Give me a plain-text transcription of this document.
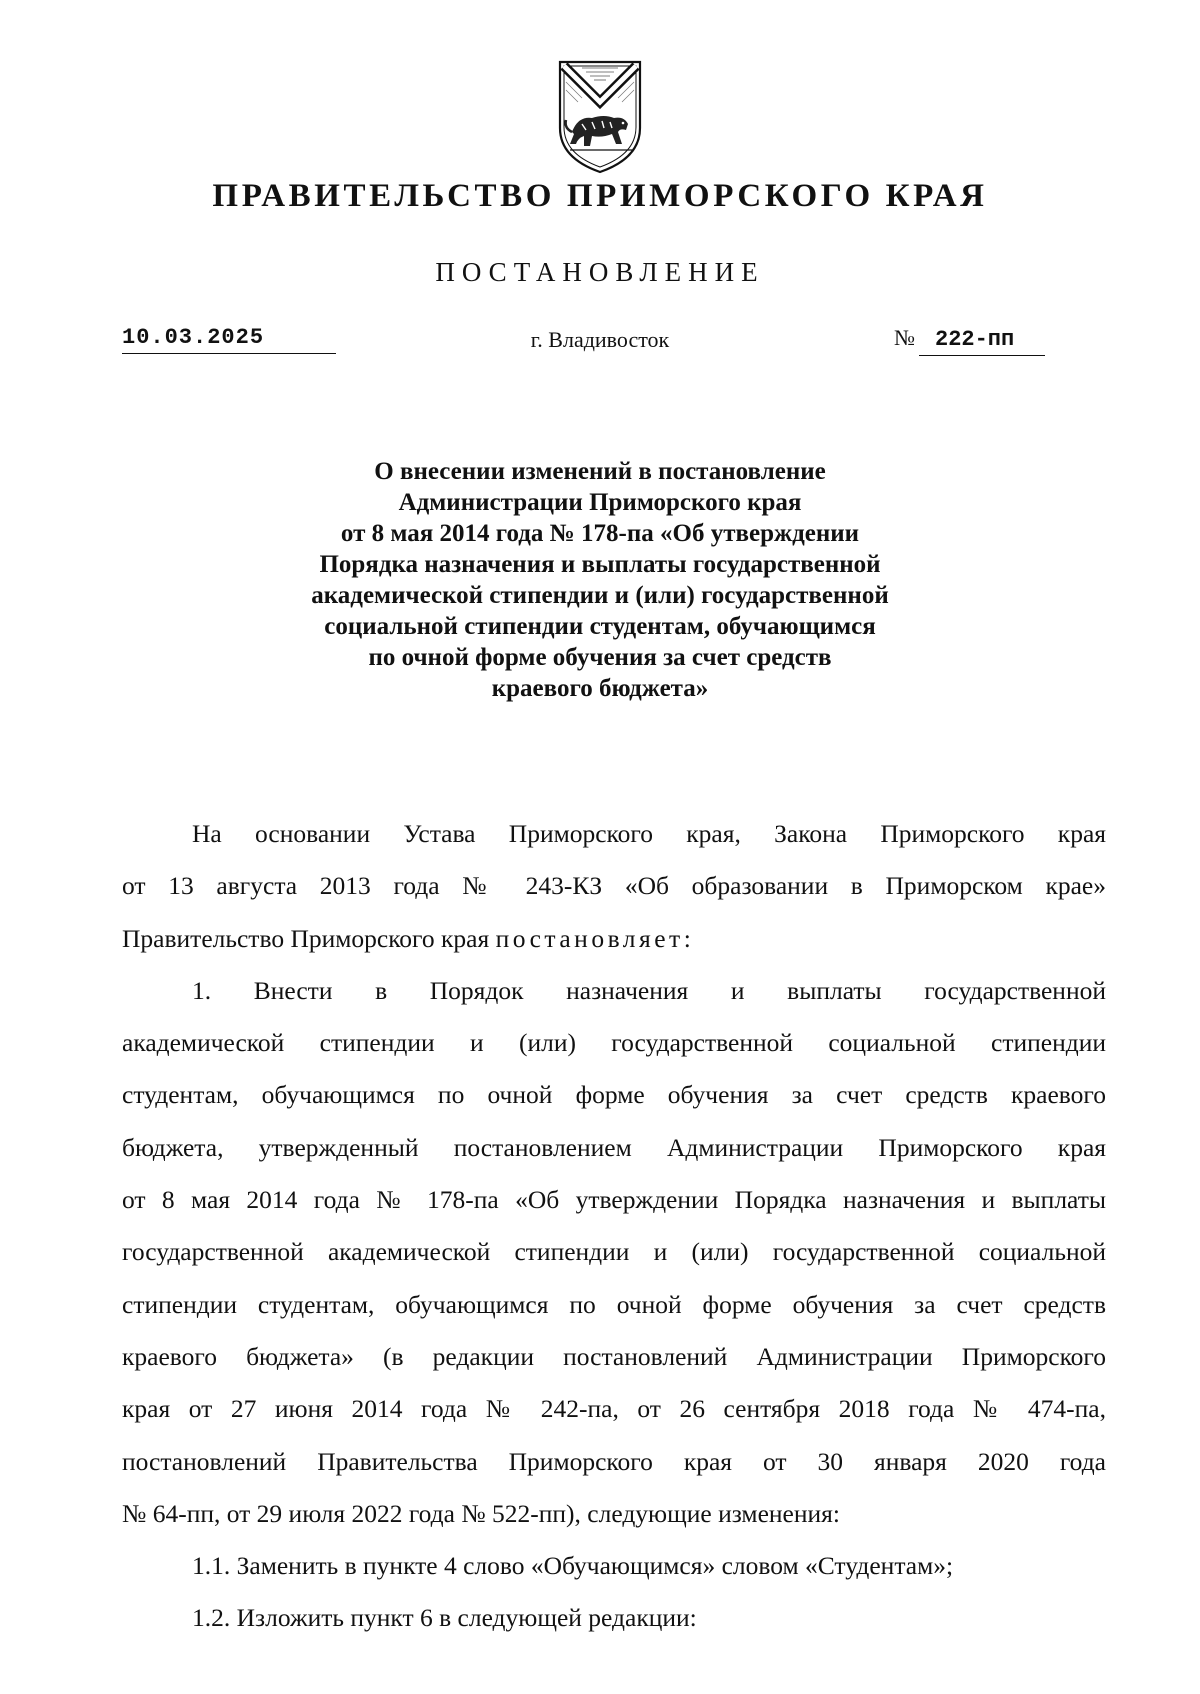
ПРАВИТЕЛЬСТВО ПРИМОРСКОГО КРАЯ
ПОСТАНОВЛЕНИЕ
10.03.2025	г. Владивосток	№ 222-пп
О внесении изменений в постановление
Администрации Приморского края
от 8 мая 2014 года № 178-па «Об утверждении
Порядка назначения и выплаты государственной
академической стипендии и (или) государственной
социальной стипендии студентам, обучающимся
по очной форме обучения за счет средств
краевого бюджета»
На основании Устава Приморского края, Закона Приморского края
от 13 августа 2013 года № 243-КЗ «Об образовании в Приморском крае»
Правительство Приморского края постановляет:
1. Внести в Порядок назначения и выплаты государственной
академической стипендии и (или) государственной социальной стипендии
студентам, обучающимся по очной форме обучения за счет средств краевого
бюджета, утвержденный постановлением Администрации Приморского края
от 8 мая 2014 года № 178-па «Об утверждении Порядка назначения и выплаты
государственной академической стипендии и (или) государственной социальной
стипендии студентам, обучающимся по очной форме обучения за счет средств
краевого бюджета» (в редакции постановлений Администрации Приморского
края от 27 июня 2014 года № 242-па, от 26 сентября 2018 года № 474-па,
постановлений Правительства Приморского края от 30 января 2020 года
№ 64-пп, от 29 июля 2022 года № 522-пп), следующие изменения:
1.1. Заменить в пункте 4 слово «Обучающимся» словом «Студентам»;
1.2. Изложить пункт 6 в следующей редакции:
